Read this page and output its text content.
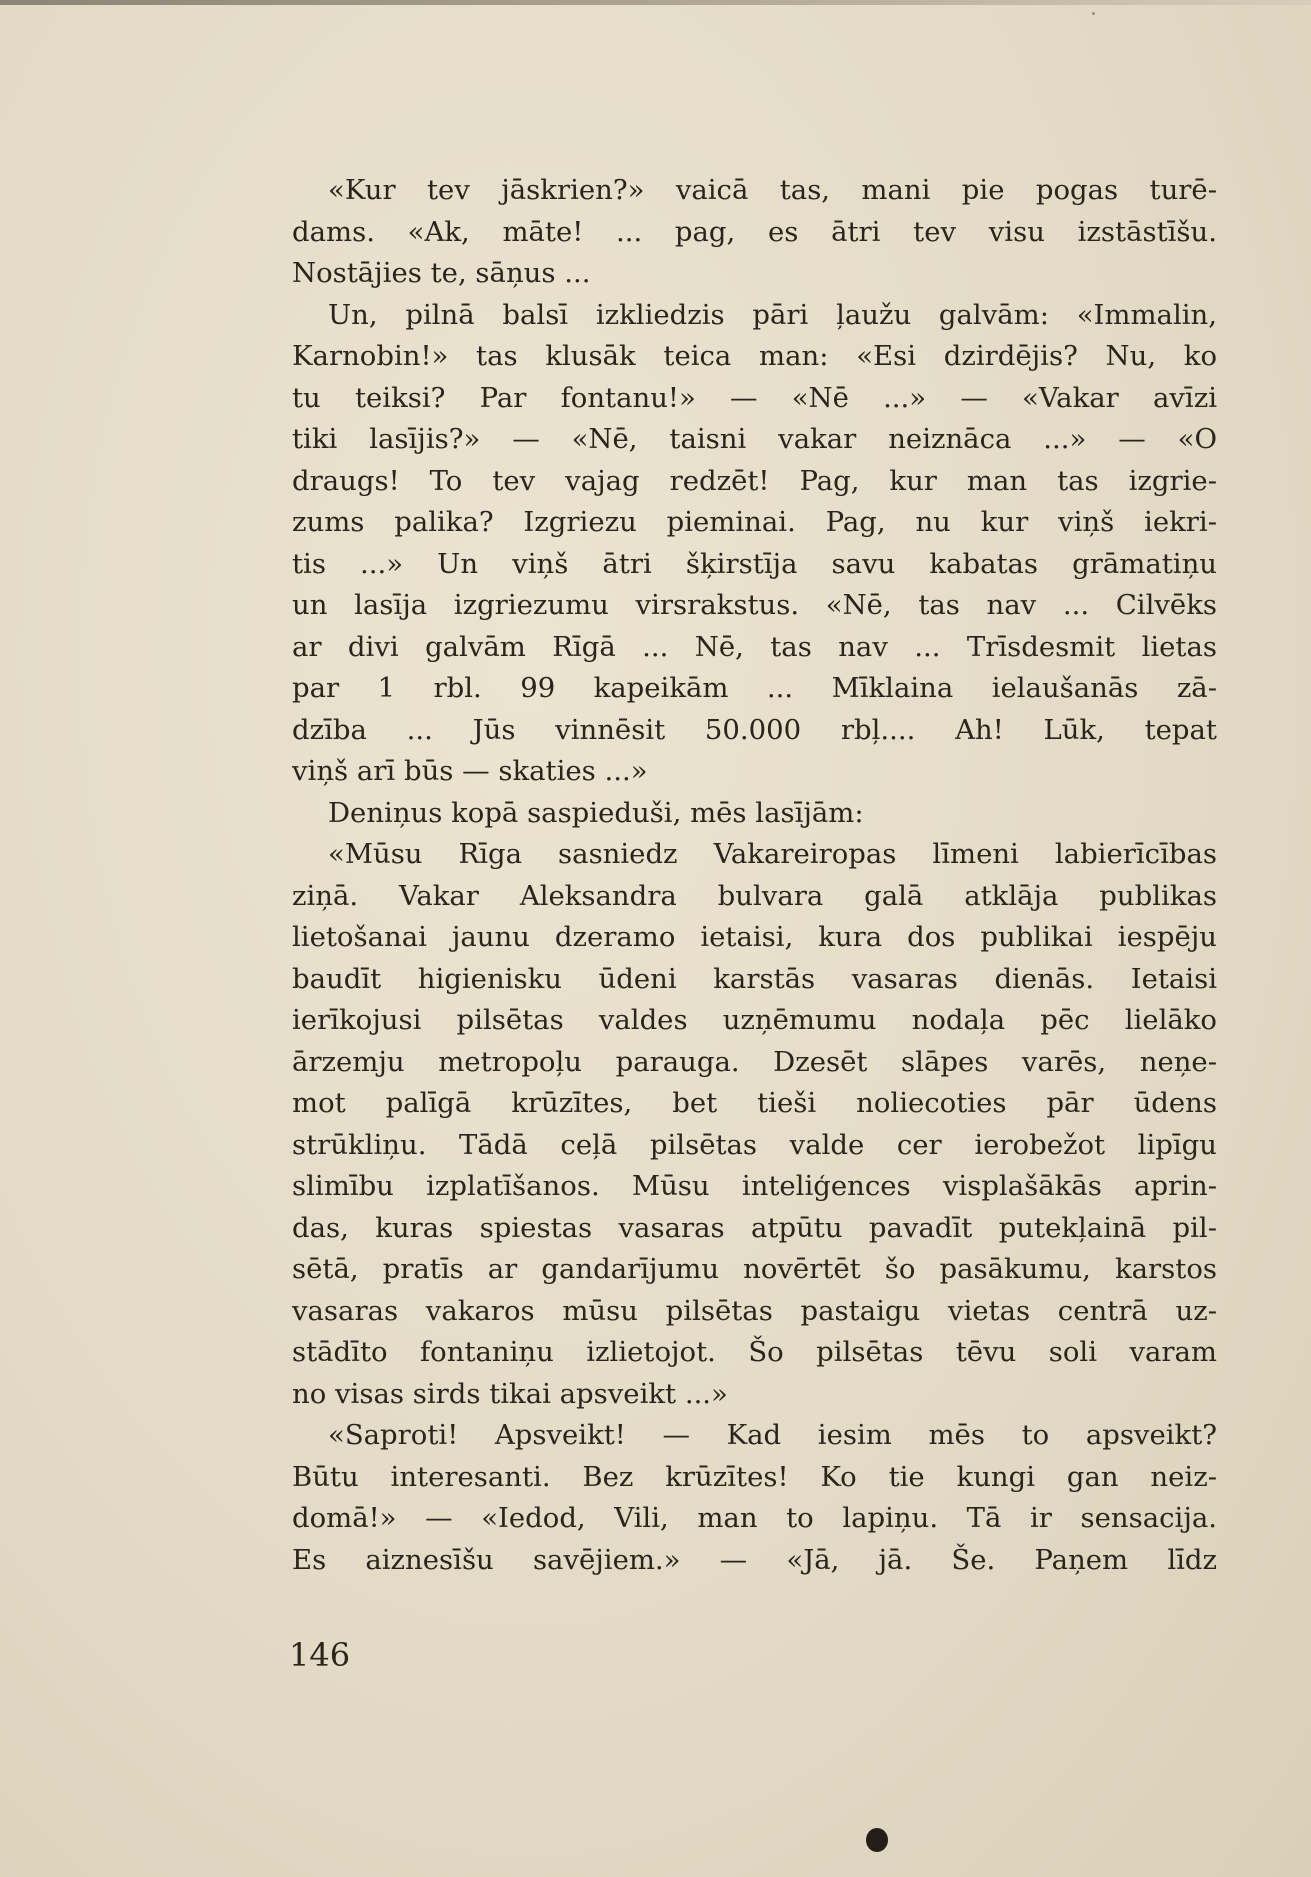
«Kur tev jāskrien?» vaicā tas, mani pie pogas turē-
dams. «Ak, māte! ... pag, es ātri tev visu izstāstīšu.
Nostājies te, sāņus ...
Un, pilnā balsī izkliedzis pāri ļaužu galvām: «Immalin,
Karnobin!» tas klusāk teica man: «Esi dzirdējis? Nu, ko
tu teiksi? Par fontanu!» — «Nē ...» — «Vakar avīzi
tiki lasījis?» — «Nē, taisni vakar neiznāca ...» — «O
draugs! To tev vajag redzēt! Pag, kur man tas izgrie-
zums palika? Izgriezu pieminai. Pag, nu kur viņš iekri-
tis ...» Un viņš ātri šķirstīja savu kabatas grāmatiņu
un lasīja izgriezumu virsrakstus. «Nē, tas nav ... Cilvēks
ar divi galvām Rīgā ... Nē, tas nav ... Trīsdesmit lietas
par 1 rbl. 99 kapeikām ... Mīklaina ielaušanās zā-
dzība ... Jūs vinnēsit 50.000 rbļ.... Ah! Lūk, tepat
viņš arī būs — skaties ...»
Deniņus kopā saspieduši, mēs lasījām:
«Mūsu Rīga sasniedz Vakareiropas līmeni labierīcības
ziņā. Vakar Aleksandra bulvara galā atklāja publikas
lietošanai jaunu dzeramo ietaisi, kura dos publikai iespēju
baudīt higienisku ūdeni karstās vasaras dienās. Ietaisi
ierīkojusi pilsētas valdes uzņēmumu nodaļa pēc lielāko
ārzemju metropoļu parauga. Dzesēt slāpes varēs, neņe-
mot palīgā krūzītes, bet tieši noliecoties pār ūdens
strūkliņu. Tādā ceļā pilsētas valde cer ierobežot lipīgu
slimību izplatīšanos. Mūsu inteliģences visplašākās aprin-
das, kuras spiestas vasaras atpūtu pavadīt putekļainā pil-
sētā, pratīs ar gandarījumu novērtēt šo pasākumu, karstos
vasaras vakaros mūsu pilsētas pastaigu vietas centrā uz-
stādīto fontaniņu izlietojot. Šo pilsētas tēvu soli varam
no visas sirds tikai apsveikt ...»
«Saproti! Apsveikt! — Kad iesim mēs to apsveikt?
Būtu interesanti. Bez krūzītes! Ko tie kungi gan neiz-
domā!» — «Iedod, Vili, man to lapiņu. Tā ir sensacija.
Es aiznesīšu savējiem.» — «Jā, jā. Še. Paņem līdz
146
